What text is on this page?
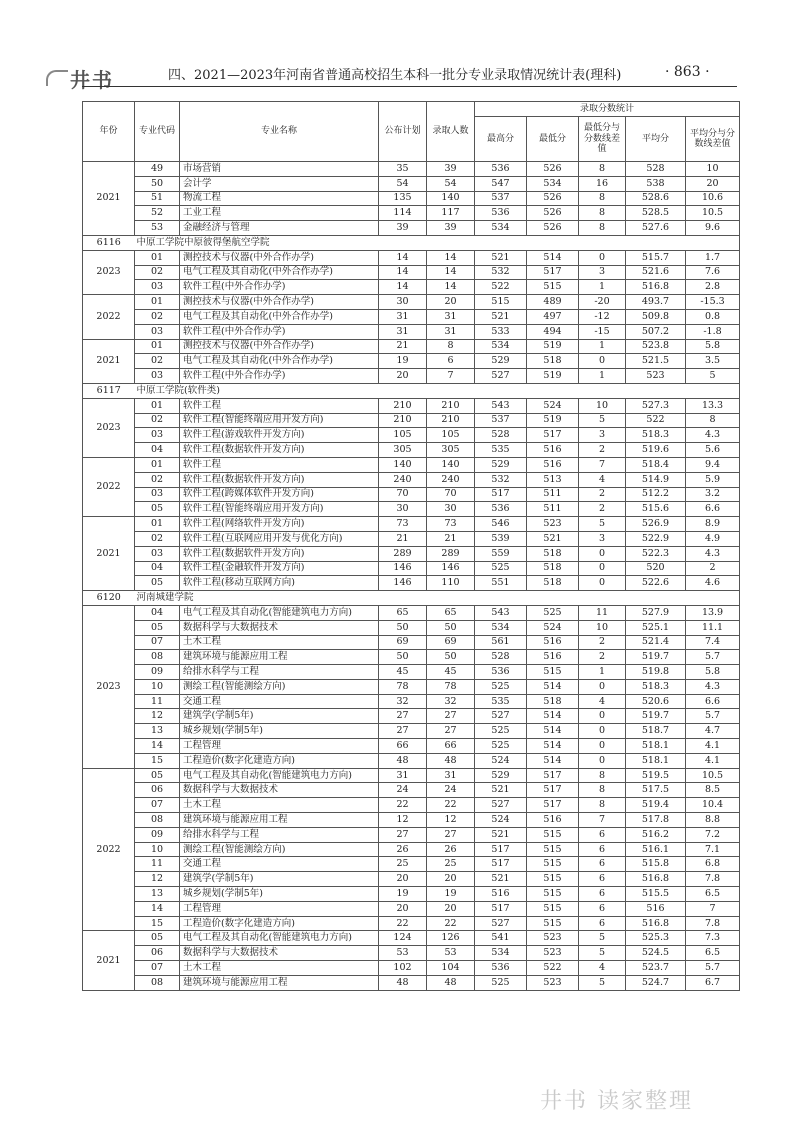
井书	四、2021—2023年河南省普通高校招生本科一批分专业录取情况统计表(理科)	· 863 ·
年份	专业代码	专业名称	公布计划	录取人数	录取分数统计				
					最高分	最低分	最低分与分数线差值	平均分	平均分与分数线差值
2021	49	市场营销	35	39	536	526	8	528	10
	50	会计学	54	54	547	534	16	538	20
	51	物流工程	135	140	537	526	8	528.6	10.6
	52	工业工程	114	117	536	526	8	528.5	10.5
	53	金融经济与管理	39	39	534	526	8	527.6	9.6
6116	中原工学院中原彼得堡航空学院								
2023	01	测控技术与仪器(中外合作办学)	14	14	521	514	0	515.7	1.7
	02	电气工程及其自动化(中外合作办学)	14	14	532	517	3	521.6	7.6
	03	软件工程(中外合作办学)	14	14	522	515	1	516.8	2.8
2022	01	测控技术与仪器(中外合作办学)	30	20	515	489	-20	493.7	-15.3
	02	电气工程及其自动化(中外合作办学)	31	31	521	497	-12	509.8	0.8
	03	软件工程(中外合作办学)	31	31	533	494	-15	507.2	-1.8
2021	01	测控技术与仪器(中外合作办学)	21	8	534	519	1	523.8	5.8
	02	电气工程及其自动化(中外合作办学)	19	6	529	518	0	521.5	3.5
	03	软件工程(中外合作办学)	20	7	527	519	1	523	5
6117	中原工学院(软件类)								
2023	01	软件工程	210	210	543	524	10	527.3	13.3
	02	软件工程(智能终端应用开发方向)	210	210	537	519	5	522	8
	03	软件工程(游戏软件开发方向)	105	105	528	517	3	518.3	4.3
	04	软件工程(数据软件开发方向)	305	305	535	516	2	519.6	5.6
2022	01	软件工程	140	140	529	516	7	518.4	9.4
	02	软件工程(数据软件开发方向)	240	240	532	513	4	514.9	5.9
	03	软件工程(跨媒体软件开发方向)	70	70	517	511	2	512.2	3.2
	05	软件工程(智能终端应用开发方向)	30	30	536	511	2	515.6	6.6
2021	01	软件工程(网络软件开发方向)	73	73	546	523	5	526.9	8.9
	02	软件工程(互联网应用开发与优化方向)	21	21	539	521	3	522.9	4.9
	03	软件工程(数据软件开发方向)	289	289	559	518	0	522.3	4.3
	04	软件工程(金融软件开发方向)	146	146	525	518	0	520	2
	05	软件工程(移动互联网方向)	146	110	551	518	0	522.6	4.6
6120	河南城建学院								
2023	04	电气工程及其自动化(智能建筑电力方向)	65	65	543	525	11	527.9	13.9
	05	数据科学与大数据技术	50	50	534	524	10	525.1	11.1
	07	土木工程	69	69	561	516	2	521.4	7.4
	08	建筑环境与能源应用工程	50	50	528	516	2	519.7	5.7
	09	给排水科学与工程	45	45	536	515	1	519.8	5.8
	10	测绘工程(智能测绘方向)	78	78	525	514	0	518.3	4.3
	11	交通工程	32	32	535	518	4	520.6	6.6
	12	建筑学(学制5年)	27	27	527	514	0	519.7	5.7
	13	城乡规划(学制5年)	27	27	525	514	0	518.7	4.7
	14	工程管理	66	66	525	514	0	518.1	4.1
	15	工程造价(数字化建造方向)	48	48	524	514	0	518.1	4.1
2022	05	电气工程及其自动化(智能建筑电力方向)	31	31	529	517	8	519.5	10.5
	06	数据科学与大数据技术	24	24	521	517	8	517.5	8.5
	07	土木工程	22	22	527	517	8	519.4	10.4
	08	建筑环境与能源应用工程	12	12	524	516	7	517.8	8.8
	09	给排水科学与工程	27	27	521	515	6	516.2	7.2
	10	测绘工程(智能测绘方向)	26	26	517	515	6	516.1	7.1
	11	交通工程	25	25	517	515	6	515.8	6.8
	12	建筑学(学制5年)	20	20	521	515	6	516.8	7.8
	13	城乡规划(学制5年)	19	19	516	515	6	515.5	6.5
	14	工程管理	20	20	517	515	6	516	7
	15	工程造价(数字化建造方向)	22	22	527	515	6	516.8	7.8
2021	05	电气工程及其自动化(智能建筑电力方向)	124	126	541	523	5	525.3	7.3
	06	数据科学与大数据技术	53	53	534	523	5	524.5	6.5
	07	土木工程	102	104	536	522	4	523.7	5.7
	08	建筑环境与能源应用工程	48	48	525	523	5	524.7	6.7
井书 读家整理
